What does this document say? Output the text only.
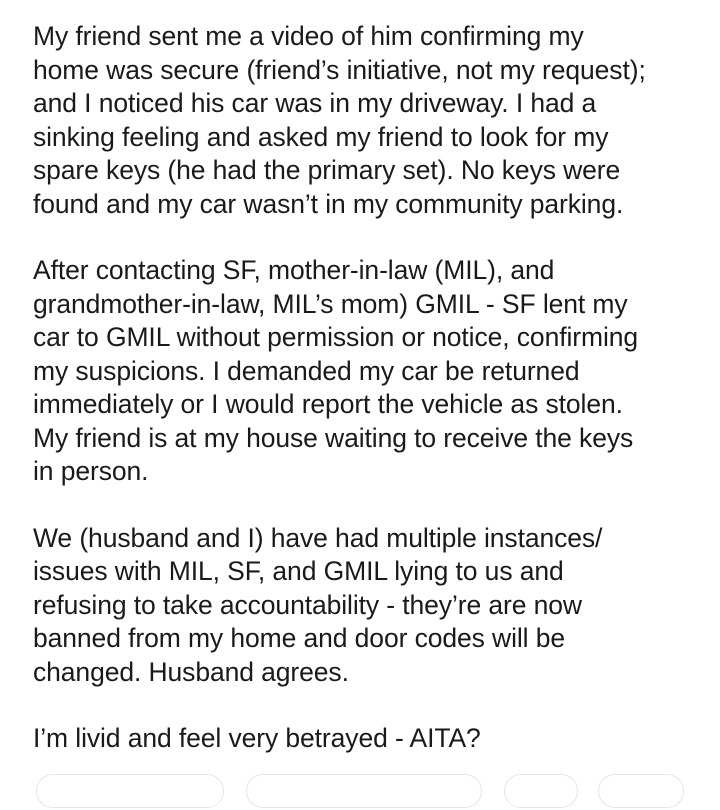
My friend sent me a video of him confirming my
home was secure (friend’s initiative, not my request);
and I noticed his car was in my driveway. I had a
sinking feeling and asked my friend to look for my
spare keys (he had the primary set). No keys were
found and my car wasn’t in my community parking.

After contacting SF, mother-in-law (MIL), and
grandmother-in-law, MIL’s mom) GMIL - SF lent my
car to GMIL without permission or notice, confirming
my suspicions. I demanded my car be returned
immediately or I would report the vehicle as stolen.
My friend is at my house waiting to receive the keys
in person.

We (husband and I) have had multiple instances/
issues with MIL, SF, and GMIL lying to us and
refusing to take accountability - they’re are now
banned from my home and door codes will be
changed. Husband agrees.

I’m livid and feel very betrayed - AITA?
